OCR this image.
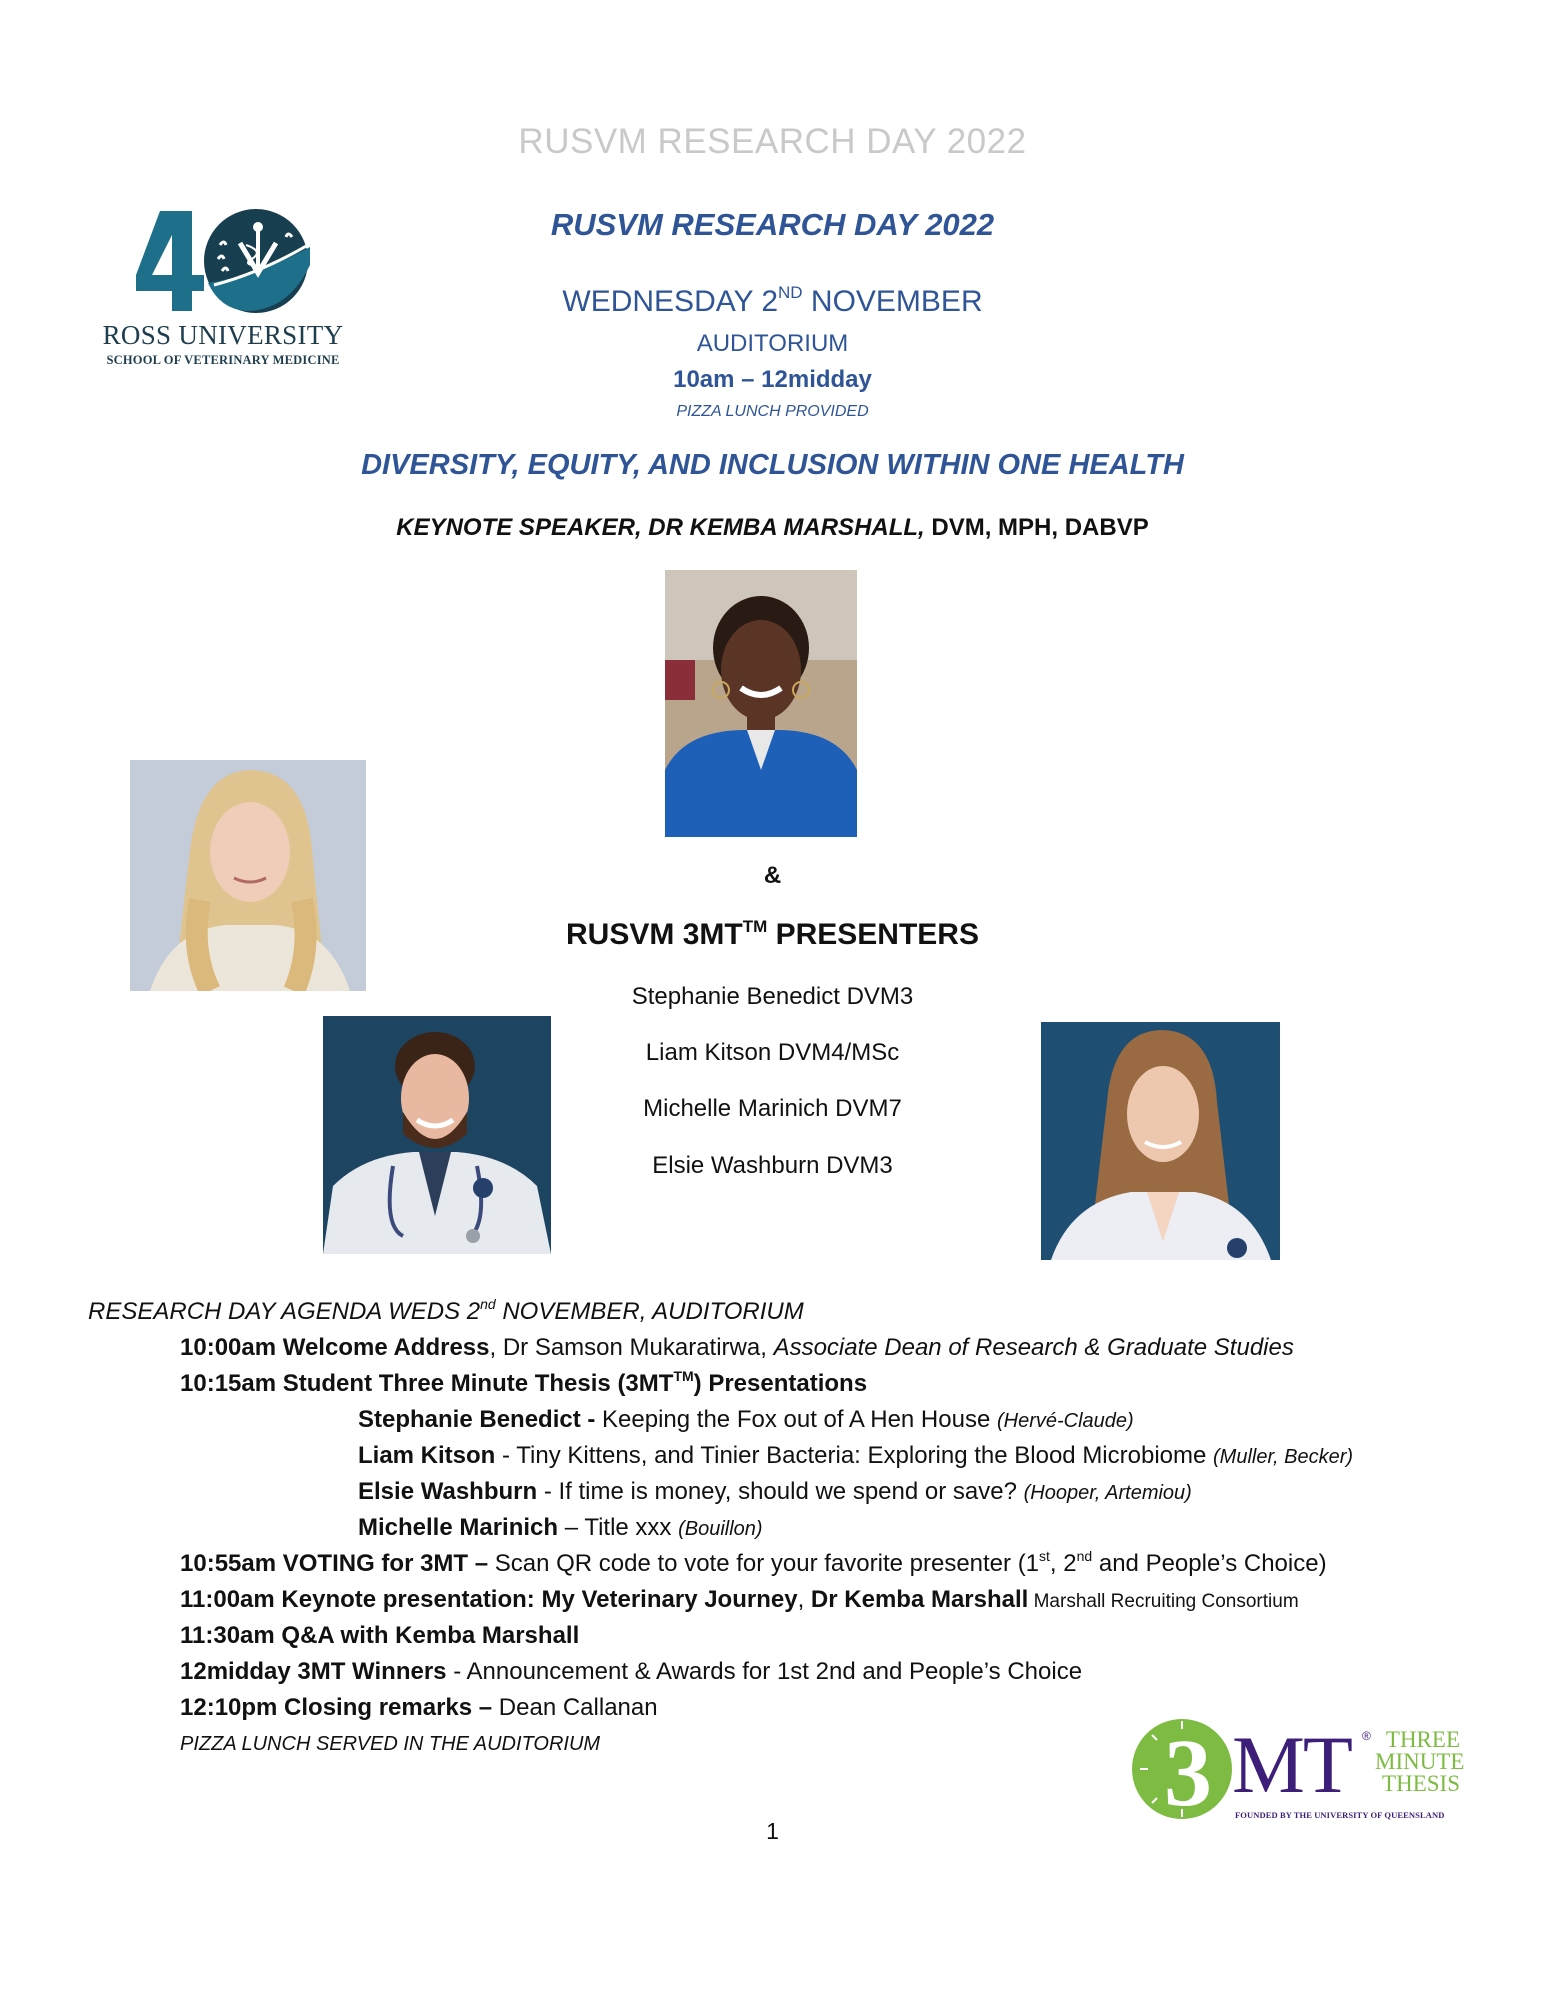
RUSVM RESEARCH DAY 2022
ROSS UNIVERSITY
SCHOOL OF VETERINARY MEDICINE
RUSVM RESEARCH DAY 2022
WEDNESDAY 2ND NOVEMBER
AUDITORIUM
10am – 12midday
PIZZA LUNCH PROVIDED
DIVERSITY, EQUITY, AND INCLUSION WITHIN ONE HEALTH
KEYNOTE SPEAKER, DR KEMBA MARSHALL, DVM, MPH, DABVP
&
RUSVM 3MT™ PRESENTERS
Stephanie Benedict DVM3
Liam Kitson DVM4/MSc
Michelle Marinich DVM7
Elsie Washburn DVM3
RESEARCH DAY AGENDA WEDS 2nd NOVEMBER, AUDITORIUM
10:00am Welcome Address, Dr Samson Mukaratirwa, Associate Dean of Research & Graduate Studies
10:15am Student Three Minute Thesis (3MT™) Presentations
Stephanie Benedict - Keeping the Fox out of A Hen House (Hervé-Claude)
Liam Kitson - Tiny Kittens, and Tinier Bacteria: Exploring the Blood Microbiome (Muller, Becker)
Elsie Washburn - If time is money, should we spend or save? (Hooper, Artemiou)
Michelle Marinich – Title xxx (Bouillon)
10:55am VOTING for 3MT – Scan QR code to vote for your favorite presenter (1st, 2nd and People’s Choice)
11:00am Keynote presentation: My Veterinary Journey, Dr Kemba Marshall Marshall Recruiting Consortium
11:30am Q&A with Kemba Marshall
12midday 3MT Winners - Announcement & Awards for 1st 2nd and People’s Choice
12:10pm Closing remarks – Dean Callanan
PIZZA LUNCH SERVED IN THE AUDITORIUM	3 MT ® THREE
MINUTE
THESIS
FOUNDED BY THE UNIVERSITY OF QUEENSLAND
1
